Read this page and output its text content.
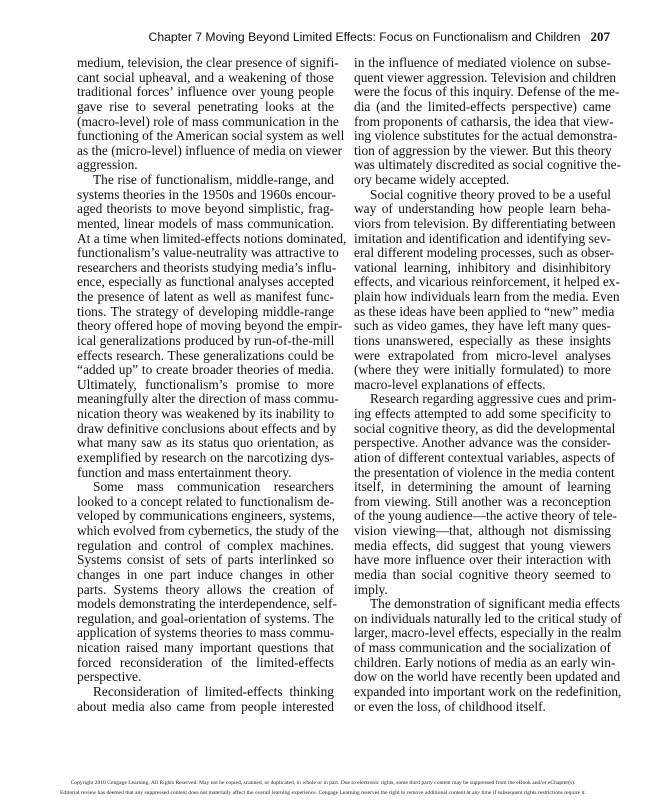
Chapter 7 Moving Beyond Limited Effects: Focus on Functionalism and Children 207
medium, television, the clear presence of signifi-
cant social upheaval, and a weakening of those
traditional forces’ influence over young people
gave rise to several penetrating looks at the
(macro-level) role of mass communication in the
functioning of the American social system as well
as the (micro-level) influence of media on viewer
aggression.
The rise of functionalism, middle-range, and
systems theories in the 1950s and 1960s encour-
aged theorists to move beyond simplistic, frag-
mented, linear models of mass communication.
At a time when limited-effects notions dominated,
functionalism’s value-neutrality was attractive to
researchers and theorists studying media’s influ-
ence, especially as functional analyses accepted
the presence of latent as well as manifest func-
tions. The strategy of developing middle-range
theory offered hope of moving beyond the empir-
ical generalizations produced by run-of-the-mill
effects research. These generalizations could be
“added up” to create broader theories of media.
Ultimately, functionalism’s promise to more
meaningfully alter the direction of mass commu-
nication theory was weakened by its inability to
draw definitive conclusions about effects and by
what many saw as its status quo orientation, as
exemplified by research on the narcotizing dys-
function and mass entertainment theory.
Some mass communication researchers
looked to a concept related to functionalism de-
veloped by communications engineers, systems,
which evolved from cybernetics, the study of the
regulation and control of complex machines.
Systems consist of sets of parts interlinked so
changes in one part induce changes in other
parts. Systems theory allows the creation of
models demonstrating the interdependence, self-
regulation, and goal-orientation of systems. The
application of systems theories to mass commu-
nication raised many important questions that
forced reconsideration of the limited-effects
perspective.
Reconsideration of limited-effects thinking
about media also came from people interested
in the influence of mediated violence on subse-
quent viewer aggression. Television and children
were the focus of this inquiry. Defense of the me-
dia (and the limited-effects perspective) came
from proponents of catharsis, the idea that view-
ing violence substitutes for the actual demonstra-
tion of aggression by the viewer. But this theory
was ultimately discredited as social cognitive the-
ory became widely accepted.
Social cognitive theory proved to be a useful
way of understanding how people learn beha-
viors from television. By differentiating between
imitation and identification and identifying sev-
eral different modeling processes, such as obser-
vational learning, inhibitory and disinhibitory
effects, and vicarious reinforcement, it helped ex-
plain how individuals learn from the media. Even
as these ideas have been applied to “new” media
such as video games, they have left many ques-
tions unanswered, especially as these insights
were extrapolated from micro-level analyses
(where they were initially formulated) to more
macro-level explanations of effects.
Research regarding aggressive cues and prim-
ing effects attempted to add some specificity to
social cognitive theory, as did the developmental
perspective. Another advance was the consider-
ation of different contextual variables, aspects of
the presentation of violence in the media content
itself, in determining the amount of learning
from viewing. Still another was a reconception
of the young audience—the active theory of tele-
vision viewing—that, although not dismissing
media effects, did suggest that young viewers
have more influence over their interaction with
media than social cognitive theory seemed to
imply.
The demonstration of significant media effects
on individuals naturally led to the critical study of
larger, macro-level effects, especially in the realm
of mass communication and the socialization of
children. Early notions of media as an early win-
dow on the world have recently been updated and
expanded into important work on the redefinition,
or even the loss, of childhood itself.
Copyright 2010 Cengage Learning. All Rights Reserved. May not be copied, scanned, or duplicated, in whole or in part. Due to electronic rights, some third party content may be suppressed from the eBook and/or eChapter(s).
Editorial review has deemed that any suppressed content does not materially affect the overall learning experience. Cengage Learning reserves the right to remove additional content at any time if subsequent rights restrictions require it.
